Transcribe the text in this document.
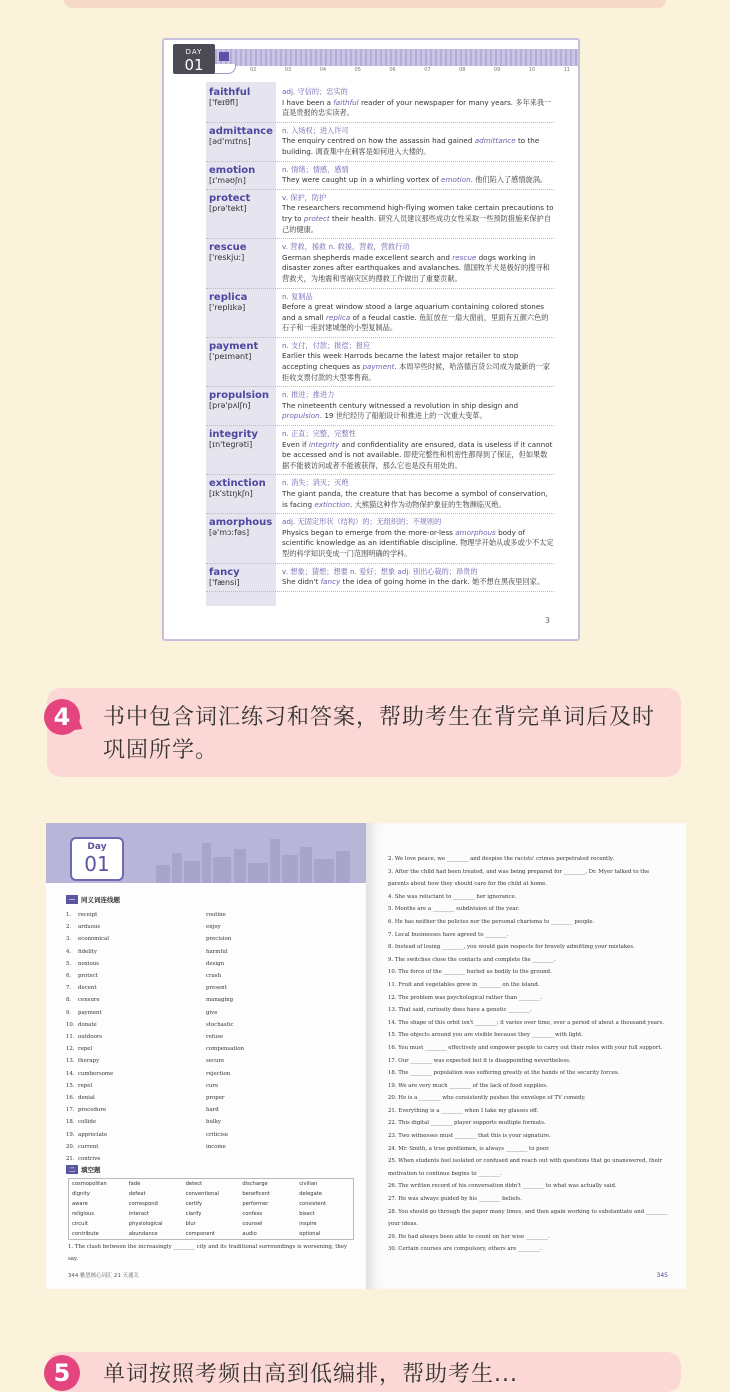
DAY
01	02	03	04	05	06	07	08	09	10	11
faithful
['feɪθfl]
adj. 守信的；忠实的
I have been a faithful reader of your newspaper for many years. 多年来我一直是贵报的忠实读者。
admittance
[əd'mɪtns]
n. 入场权；进入许可
The enquiry centred on how the assassin had gained admittance to the building. 调查集中在刺客是如何进入大楼的。
emotion
[ɪ'məʊʃn]
n. 情绪；情感，感情
They were caught up in a whirling vortex of emotion. 他们陷入了感情旋涡。
protect
[prə'tekt]
v. 保护，防护
The researchers recommend high-flying women take certain precautions to try to protect their health. 研究人员建议那些成功女性采取一些预防措施来保护自己的健康。
rescue
['reskjuː]
v. 营救，援救 n. 救援，营救，营救行动
German shepherds made excellent search and rescue dogs working in disaster zones after earthquakes and avalanches. 德国牧羊犬是极好的搜寻和营救犬，为地震和雪崩灾区的搜救工作做出了重要贡献。
replica
['replɪkə]
n. 复制品
Before a great window stood a large aquarium containing colored stones and a small replica of a feudal castle. 鱼缸放在一扇大窗前，里面有五颜六色的石子和一座封建城堡的小型复制品。
payment
['peɪmənt]
n. 支付，付款；报偿；报应
Earlier this week Harrods became the latest major retailer to stop accepting cheques as payment. 本周早些时候，哈洛德百货公司成为最新的一家拒收支票付款的大型零售商。
propulsion
[prə'pʌlʃn]
n. 推进；推进力
The nineteenth century witnessed a revolution in ship design and propulsion. 19 世纪经历了船舶设计和推进上的一次重大变革。
integrity
[ɪn'tegrəti]
n. 正直；完整，完整性
Even if integrity and confidentiality are ensured, data is useless if it cannot be accessed and is not available. 即使完整性和机密性都得到了保证，但如果数据不能被访问或者不能被获得，那么它也是没有用处的。
extinction
[ɪk'stɪŋkʃn]
n. 消失；消灭；灭绝
The giant panda, the creature that has become a symbol of conservation, is facing extinction. 大熊猫这种作为动物保护象征的生物濒临灭绝。
amorphous
[ə'mɔːfəs]
adj. 无固定形状（结构）的；无组织的；不规则的
Physics began to emerge from the more-or-less amorphous body of scientific knowledge as an identifiable discipline. 物理学开始从或多或少不太定型的科学知识变成一门范围明确的学科。
fancy
['fænsi]
v. 想象；猜想；想要 n. 爱好；想象 adj. 别出心裁的；昂贵的
She didn't fancy the idea of going home in the dark. 她不想在黑夜里回家。
3
4	书中包含词汇练习和答案，帮助考生在背完单词后及时巩固所学。
Day
01
一 同义词连线题
1.	receipt	routine
2.	arduous	enjoy
3.	economical	precision
4.	fidelity	harmful
5.	noxious	design
6.	protect	crash
7.	decent	present
8.	censure	managing
9.	payment	give
10. donate	stochastic
11. outdoors	refuse
12. repel	compensation
13. therapy	secure
14. cumbersome	rejection
15. repel	cure
16. denial	proper
17. procedure	hard
18. collide	bulky
19. appreciate	criticise
20. current	income
21. contrive
二 填空题
cosmopolitan	fade	detect	discharge	civilian
dignity	defeat	conventional	beneficent	delegate
aware	correspond	certify	performer	consistent
religious	interact	clarify	confess	bisect
circuit	physiological	blur	counsel	inspire
contribute	abundance	component	audio	optional
1. The clash between the increasingly ________ city and its traditional surroundings is worsening, they say.
344 雅思核心词汇 21 天通关
2. We love peace, we ________ and despise the racists' crimes perpetrated recently.
3. After the child had been treated, and was being prepared for ________, Dr. Myer talked to the parents about how they should care for the child at home.
4. She was reluctant to ________ her ignorance.
5. Months are a ________ subdivision of the year.
6. He has neither the policies nor the personal charisma to ________ people.
7. Local businesses have agreed to ________.
8. Instead of losing ________, you would gain respects for bravely admitting your mistakes.
9. The switches close the contacts and complete the ________.
10. The force of the ________ hurled us bodily to the ground.
11. Fruit and vegetables grew in ________ on the island.
12. The problem was psychological rather than ________.
13. That said, curiosity does have a genetic ________.
14. The shape of this orbit isn't ________; it varies over time, over a period of about a thousand years.
15. The objects around you are visible because they ________ with light.
16. You must ________ effectively and empower people to carry out their roles with your full support.
17. Our ________ was expected but it is disappointing nevertheless.
18. The ________ population was suffering greatly at the hands of the security forces.
19. We are very much ________ of the lack of food supplies.
20. He is a ________ who consistently pushes the envelope of TV comedy.
21. Everything is a ________ when I take my glasses off.
22. This digital ________ player supports multiple formats.
23. Two witnesses must ________ that this is your signature.
24. Mr. Smith, a true gentlemen, is always ________ to poor.
25. When students feel isolated or confused and reach out with questions that go unanswered, their motivation to continue begins to ________.
26. The written record of his conversation didn't ________ to what was actually said.
27. He was always guided by his ________ beliefs.
28. You should go through the paper many times, and then again working to substantiate and ________ your ideas.
29. He had always been able to count on her wise ________.
30. Certain courses are compulsory, others are ________.
345
5	单词按照考频由高到低编排，帮助考生...
